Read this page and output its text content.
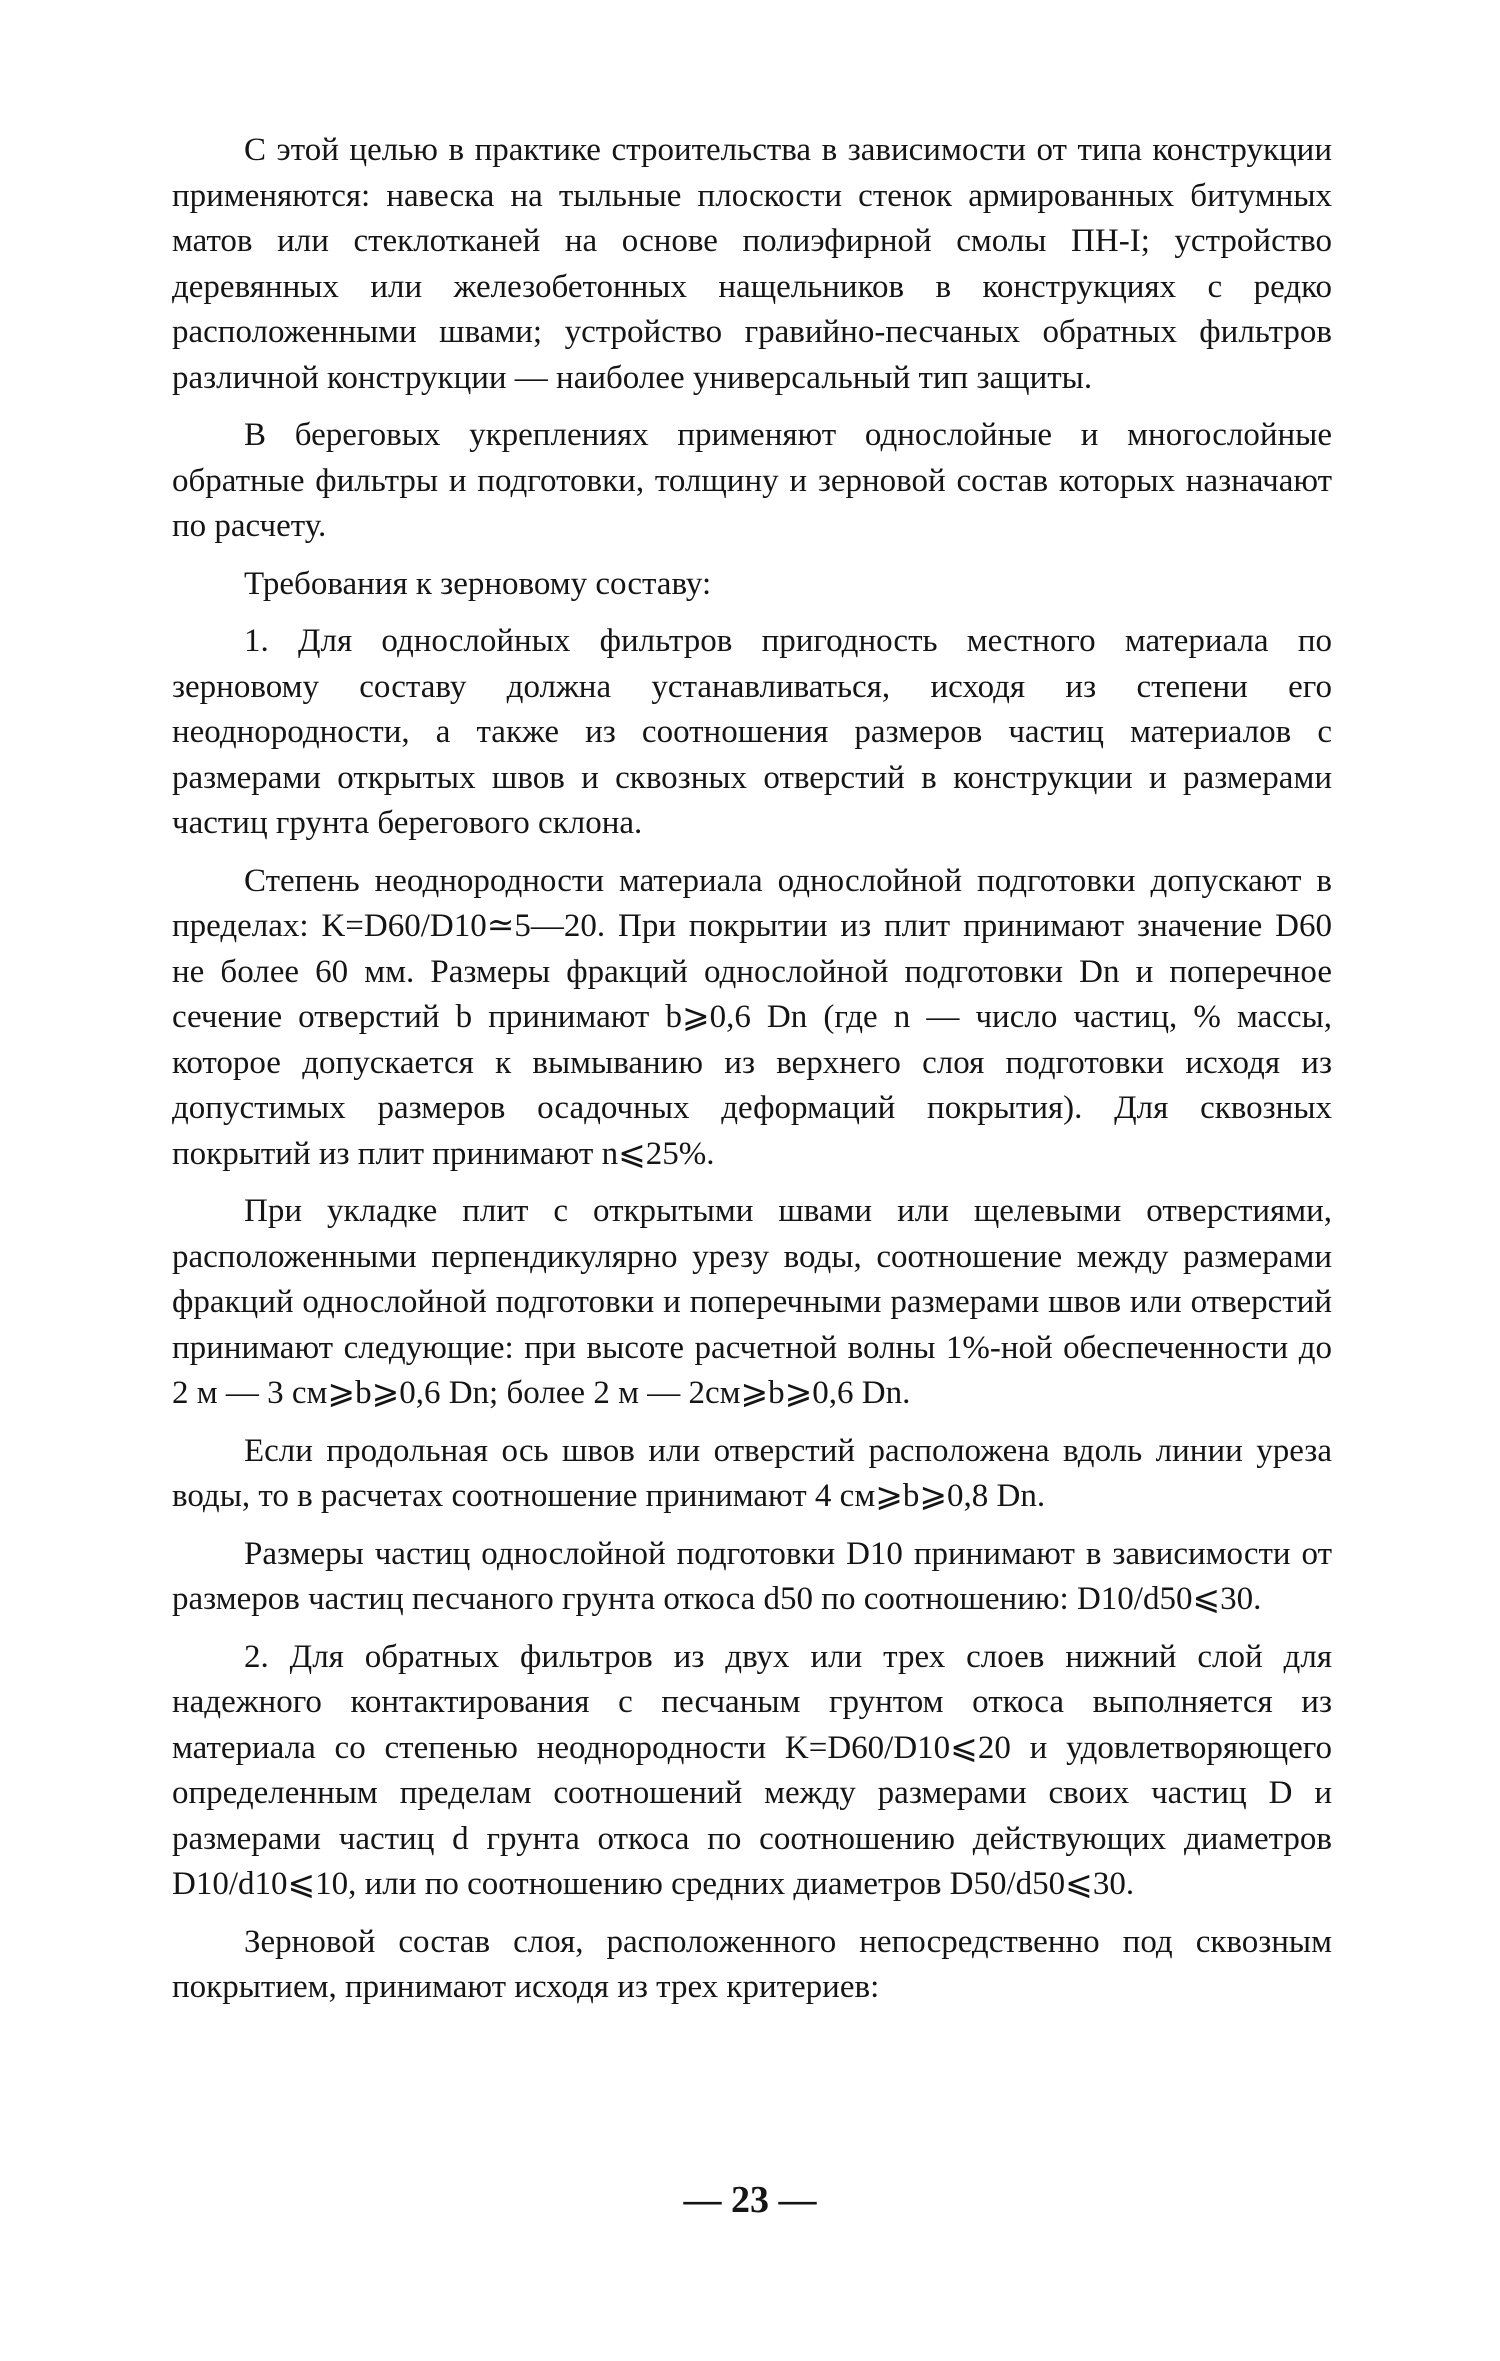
С этой целью в практике строительства в зависимости от типа конструкции применяются: навеска на тыльные плоскости стенок армированных битумных матов или стеклотканей на основе полиэфирной смолы ПН-I; устройство деревянных или железобетонных нащельников в конструкциях с редко расположенными швами; устройство гравийно-песчаных обратных фильтров различной конструкции — наиболее универсальный тип защиты.

В береговых укреплениях применяют однослойные и многослойные обратные фильтры и подготовки, толщину и зерновой состав которых назначают по расчету.

Требования к зерновому составу:

1. Для однослойных фильтров пригодность местного материала по зерновому составу должна устанавливаться, исходя из степени его неоднородности, а также из соотношения размеров частиц материалов с размерами открытых швов и сквозных отверстий в конструкции и размерами частиц грунта берегового склона.

Степень неоднородности материала однослойной подготовки допускают в пределах: K=D60/D10≃5—20. При покрытии из плит принимают значение D60 не более 60 мм. Размеры фракций однослойной подготовки Dn и поперечное сечение отверстий b принимают b⩾0,6 Dn (где n — число частиц, % массы, которое допускается к вымыванию из верхнего слоя подготовки исходя из допустимых размеров осадочных деформаций покрытия). Для сквозных покрытий из плит принимают n⩽25%.

При укладке плит с открытыми швами или щелевыми отверстиями, расположенными перпендикулярно урезу воды, соотношение между размерами фракций однослойной подготовки и поперечными размерами швов или отверстий принимают следующие: при высоте расчетной волны 1%-ной обеспеченности до 2 м — 3 см⩾b⩾0,6 Dn; более 2 м — 2см⩾b⩾0,6 Dn.

Если продольная ось швов или отверстий расположена вдоль линии уреза воды, то в расчетах соотношение принимают 4 см⩾b⩾0,8 Dn.

Размеры частиц однослойной подготовки D10 принимают в зависимости от размеров частиц песчаного грунта откоса d50 по соотношению: D10/d50⩽30.

2. Для обратных фильтров из двух или трех слоев нижний слой для надежного контактирования с песчаным грунтом откоса выполняется из материала со степенью неоднородности K=D60/D10⩽20 и удовлетворяющего определенным пределам соотношений между размерами своих частиц D и размерами частиц d грунта откоса по соотношению действующих диаметров D10/d10⩽10, или по соотношению средних диаметров D50/d50⩽30.

Зерновой состав слоя, расположенного непосредственно под сквозным покрытием, принимают исходя из трех критериев:

— 23 —
